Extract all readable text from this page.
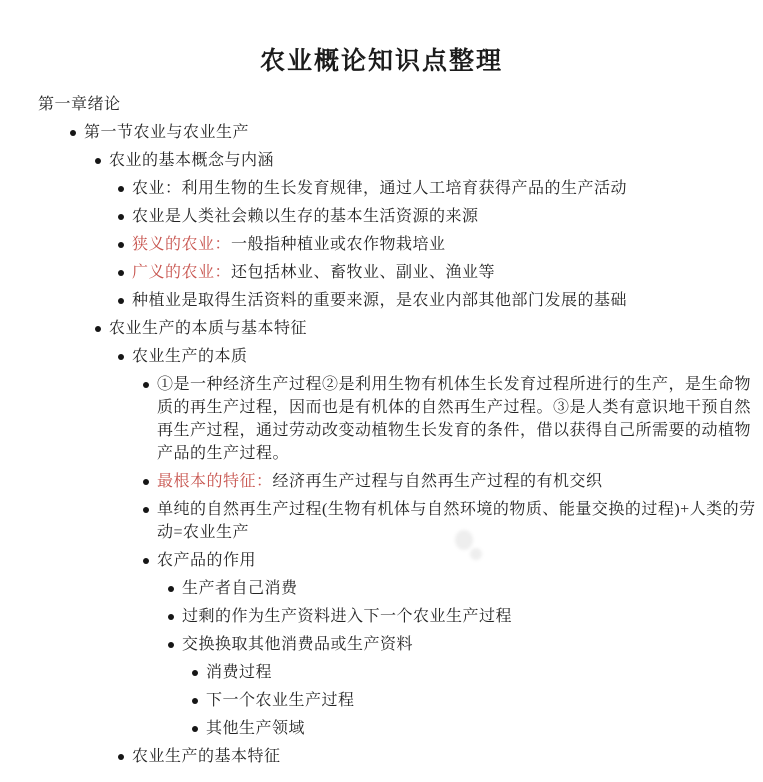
农业概论知识点整理
第一章绪论
第一节农业与农业生产
农业的基本概念与内涵
农业：利用生物的生长发育规律，通过人工培育获得产品的生产活动
农业是人类社会赖以生存的基本生活资源的来源
狭义的农业：一般指种植业或农作物栽培业
广义的农业：还包括林业、畜牧业、副业、渔业等
种植业是取得生活资料的重要来源，是农业内部其他部门发展的基础
农业生产的本质与基本特征
农业生产的本质
①是一种经济生产过程②是利用生物有机体生长发育过程所进行的生产，是生命物质的再生产过程，因而也是有机体的自然再生产过程。③是人类有意识地干预自然再生产过程，通过劳动改变动植物生长发育的条件，借以获得自己所需要的动植物产品的生产过程。
最根本的特征：经济再生产过程与自然再生产过程的有机交织
单纯的自然再生产过程(生物有机体与自然环境的物质、能量交换的过程)+人类的劳动=农业生产
农产品的作用
生产者自己消费
过剩的作为生产资料进入下一个农业生产过程
交换换取其他消费品或生产资料
消费过程
下一个农业生产过程
其他生产领域
农业生产的基本特征
